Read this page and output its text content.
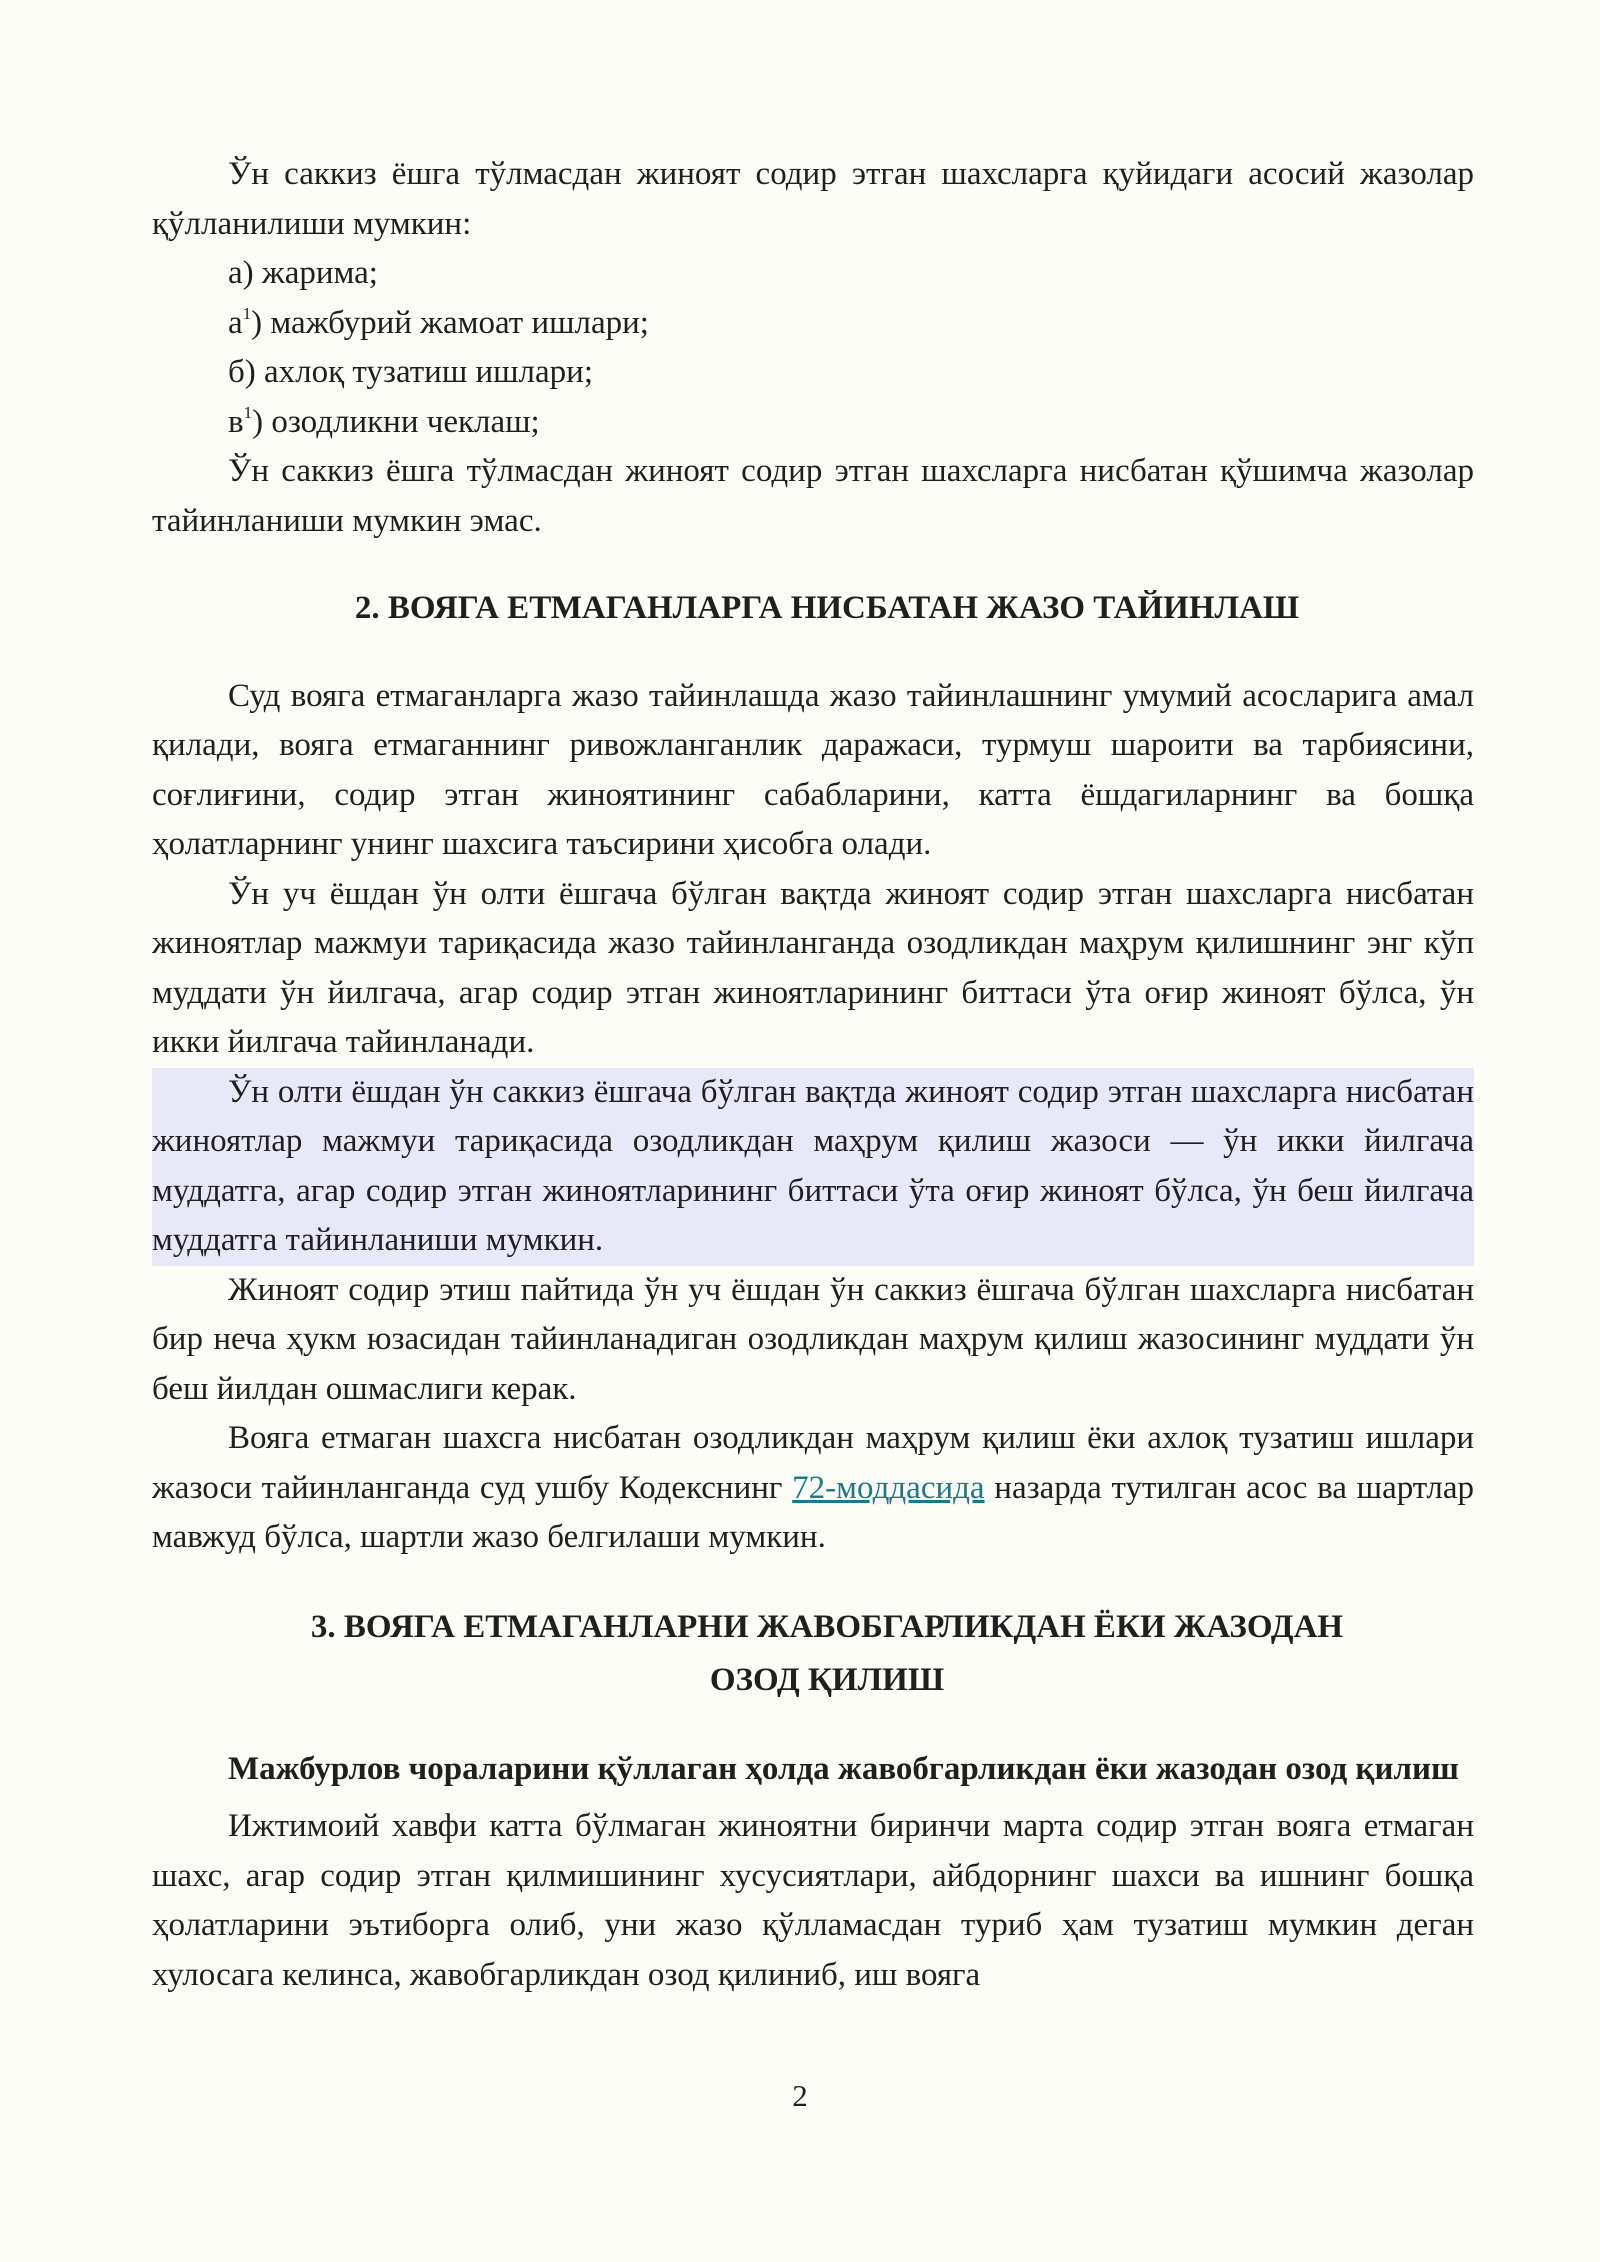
Ўн саккиз ёшга тўлмасдан жиноят содир этган шахсларга қуйидаги асосий жазолар қўлланилиши мумкин:

а) жарима;

$а^1$) мажбурий жамоат ишлари;

б) ахлоқ тузатиш ишлари;

$в^1$) озодликни чеклаш;

Ўн саккиз ёшга тўлмасдан жиноят содир этган шахсларга нисбатан қўшимча жазолар тайинланиши мумкин эмас.

2. ВОЯГА ЕТМАГАНЛАРГА НИСБАТАН ЖАЗО ТАЙИНЛАШ

Суд вояга етмаганларга жазо тайинлашда жазо тайинлашнинг умумий асосларига амал қилади, вояга етмаганнинг ривожланганлик даражаси, турмуш шароити ва тарбиясини, соғлиғини, содир этган жиноятининг сабабларини, катта ёшдагиларнинг ва бошқа ҳолатларнинг унинг шахсига таъсирини ҳисобга олади.

Ўн уч ёшдан ўн олти ёшгача бўлган вақтда жиноят содир этган шахсларга нисбатан жиноятлар мажмуи тариқасида жазо тайинланганда озодликдан маҳрум қилишнинг энг кўп муддати ўн йилгача, агар содир этган жиноятларининг биттаси ўта оғир жиноят бўлса, ўн икки йилгача тайинланади.

Ўн олти ёшдан ўн саккиз ёшгача бўлган вақтда жиноят содир этган шахсларга нисбатан жиноятлар мажмуи тариқасида озодликдан маҳрум қилиш жазоси — ўн икки йилгача муддатга, агар содир этган жиноятларининг биттаси ўта оғир жиноят бўлса, ўн беш йилгача муддатга тайинланиши мумкин.

Жиноят содир этиш пайтида ўн уч ёшдан ўн саккиз ёшгача бўлган шахсларга нисбатан бир неча ҳукм юзасидан тайинланадиган озодликдан маҳрум қилиш жазосининг муддати ўн беш йилдан ошмаслиги керак.

Вояга етмаган шахсга нисбатан озодликдан маҳрум қилиш ёки ахлоқ тузатиш ишлари жазоси тайинланганда суд ушбу Кодекснинг 72-моддасида назарда тутилган асос ва шартлар мавжуд бўлса, шартли жазо белгилаши мумкин.

3. ВОЯГА ЕТМАГАНЛАРНИ ЖАВОБГАРЛИКДАН ЁКИ ЖАЗОДАН
ОЗОД ҚИЛИШ

Мажбурлов чораларини қўллаган ҳолда жавобгарликдан ёки жазодан озод қилиш

Ижтимоий хавфи катта бўлмаган жиноятни биринчи марта содир этган вояга етмаган шахс, агар содир этган қилмишининг хусусиятлари, айбдорнинг шахси ва ишнинг бошқа ҳолатларини эътиборга олиб, уни жазо қўлламасдан туриб ҳам тузатиш мумкин деган хулосага келинса, жавобгарликдан озод қилиниб, иш вояга

2
